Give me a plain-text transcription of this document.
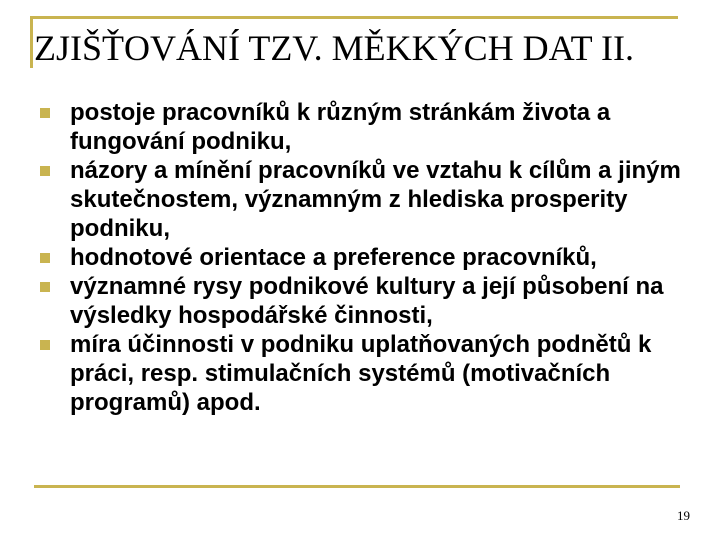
ZJIŠŤOVÁNÍ TZV. MĚKKÝCH DAT II.
postoje pracovníků k různým stránkám života a fungování podniku,
názory a mínění pracovníků ve vztahu k cílům a jiným skutečnostem, významným z hlediska prosperity podniku,
hodnotové orientace a preference pracovníků,
významné rysy podnikové kultury a její působení na výsledky hospodářské činnosti,
míra účinnosti v podniku uplatňovaných podnětů k práci, resp. stimulačních systémů (motivačních programů) apod.
19
